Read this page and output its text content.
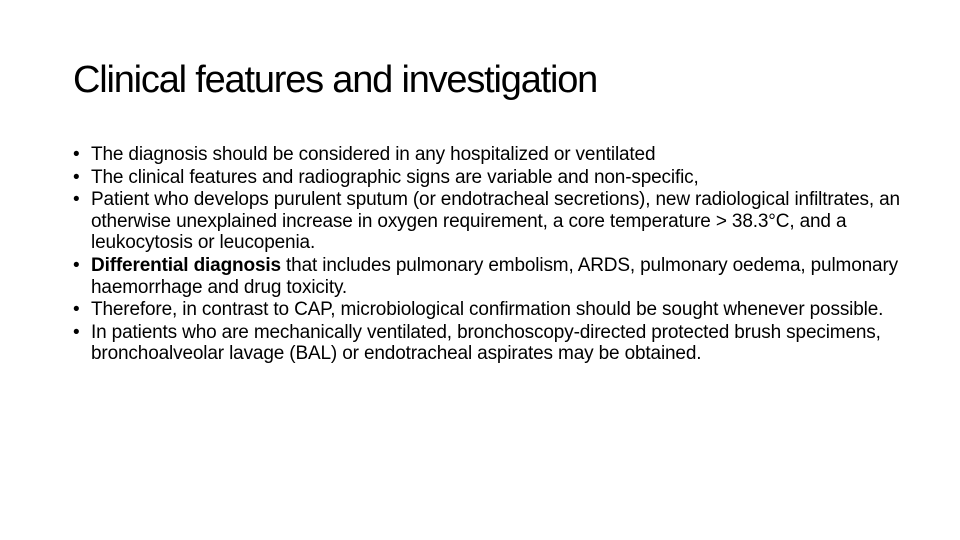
Clinical features and investigation
• The diagnosis should be considered in any hospitalized or ventilated
• The clinical features and radiographic signs are variable and non-specific,
• Patient who develops purulent sputum (or endotracheal secretions), new radiological infiltrates, an otherwise unexplained increase in oxygen requirement, a core temperature > 38.3°C, and a leukocytosis or leucopenia.
• Differential diagnosis that includes pulmonary embolism, ARDS, pulmonary oedema, pulmonary haemorrhage and drug toxicity.
• Therefore, in contrast to CAP, microbiological confirmation should be sought whenever possible.
• In patients who are mechanically ventilated, bronchoscopy-directed protected brush specimens, bronchoalveolar lavage (BAL) or endotracheal aspirates may be obtained.
